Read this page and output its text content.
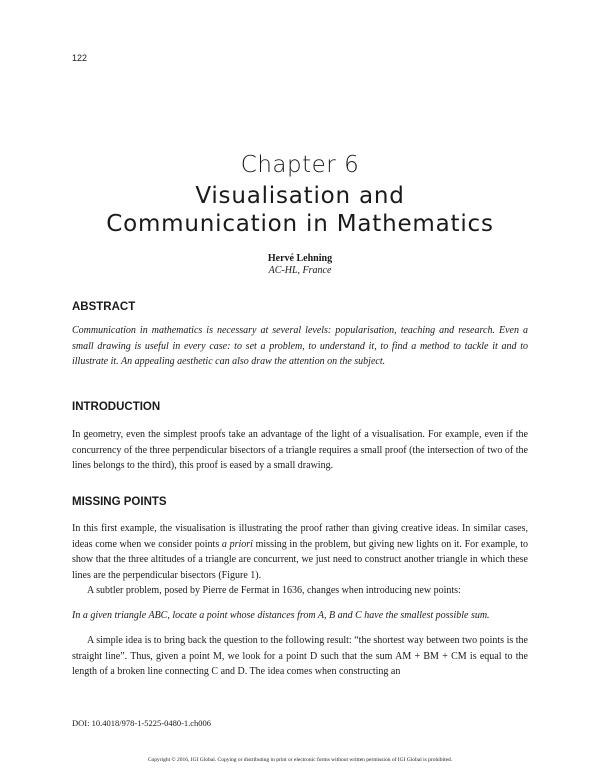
122
Chapter 6
Visualisation and
Communication in Mathematics
Hervé Lehning
AC-HL, France
ABSTRACT
Communication in mathematics is necessary at several levels: popularisation, teaching and research. Even a small drawing is useful in every case: to set a problem, to understand it, to find a method to tackle it and to illustrate it. An appealing aesthetic can also draw the attention on the subject.
INTRODUCTION
In geometry, even the simplest proofs take an advantage of the light of a visualisation. For example, even if the concurrency of the three perpendicular bisectors of a triangle requires a small proof (the intersection of two of the lines belongs to the third), this proof is eased by a small drawing.
MISSING POINTS
In this first example, the visualisation is illustrating the proof rather than giving creative ideas. In similar cases, ideas come when we consider points a priori missing in the problem, but giving new lights on it. For example, to show that the three altitudes of a triangle are concurrent, we just need to construct another triangle in which these lines are the perpendicular bisectors (Figure 1).
A subtler problem, posed by Pierre de Fermat in 1636, changes when introducing new points:
In a given triangle ABC, locate a point whose distances from A, B and C have the smallest possible sum.
A simple idea is to bring back the question to the following result: “the shortest way between two points is the straight line”. Thus, given a point M, we look for a point D such that the sum AM + BM + CM is equal to the length of a broken line connecting C and D. The idea comes when constructing an
DOI: 10.4018/978-1-5225-0480-1.ch006
Copyright © 2016, IGI Global. Copying or distributing in print or electronic forms without written permission of IGI Global is prohibited.
